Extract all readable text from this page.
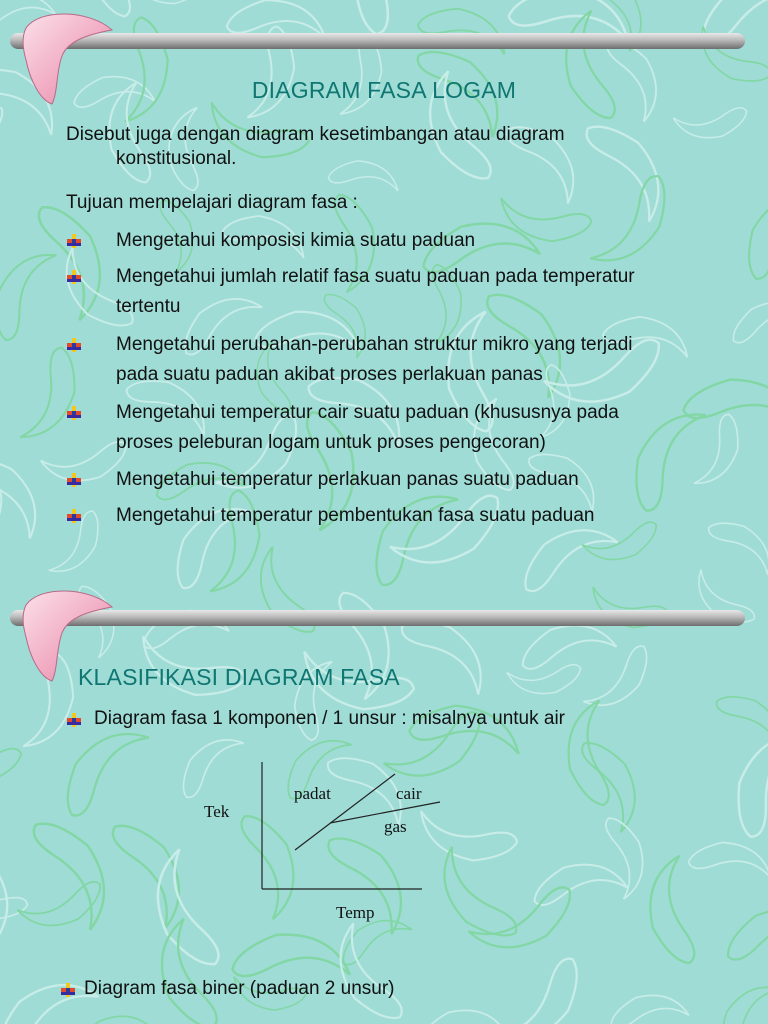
DIAGRAM FASA LOGAM
Disebut juga dengan diagram kesetimbangan atau diagram
konstitusional.
Tujuan mempelajari diagram fasa :
Mengetahui komposisi kimia suatu paduan
Mengetahui jumlah relatif fasa suatu paduan pada temperatur
tertentu
Mengetahui perubahan-perubahan struktur mikro yang terjadi
pada suatu paduan akibat proses perlakuan panas
Mengetahui temperatur cair suatu paduan (khususnya pada
proses peleburan logam untuk proses pengecoran)
Mengetahui temperatur perlakuan panas suatu paduan
Mengetahui temperatur pembentukan fasa suatu paduan
KLASIFIKASI DIAGRAM FASA
Diagram fasa 1 komponen / 1 unsur : misalnya untuk air
Tek
padat	cair
gas
Temp
Diagram fasa biner (paduan 2 unsur)
